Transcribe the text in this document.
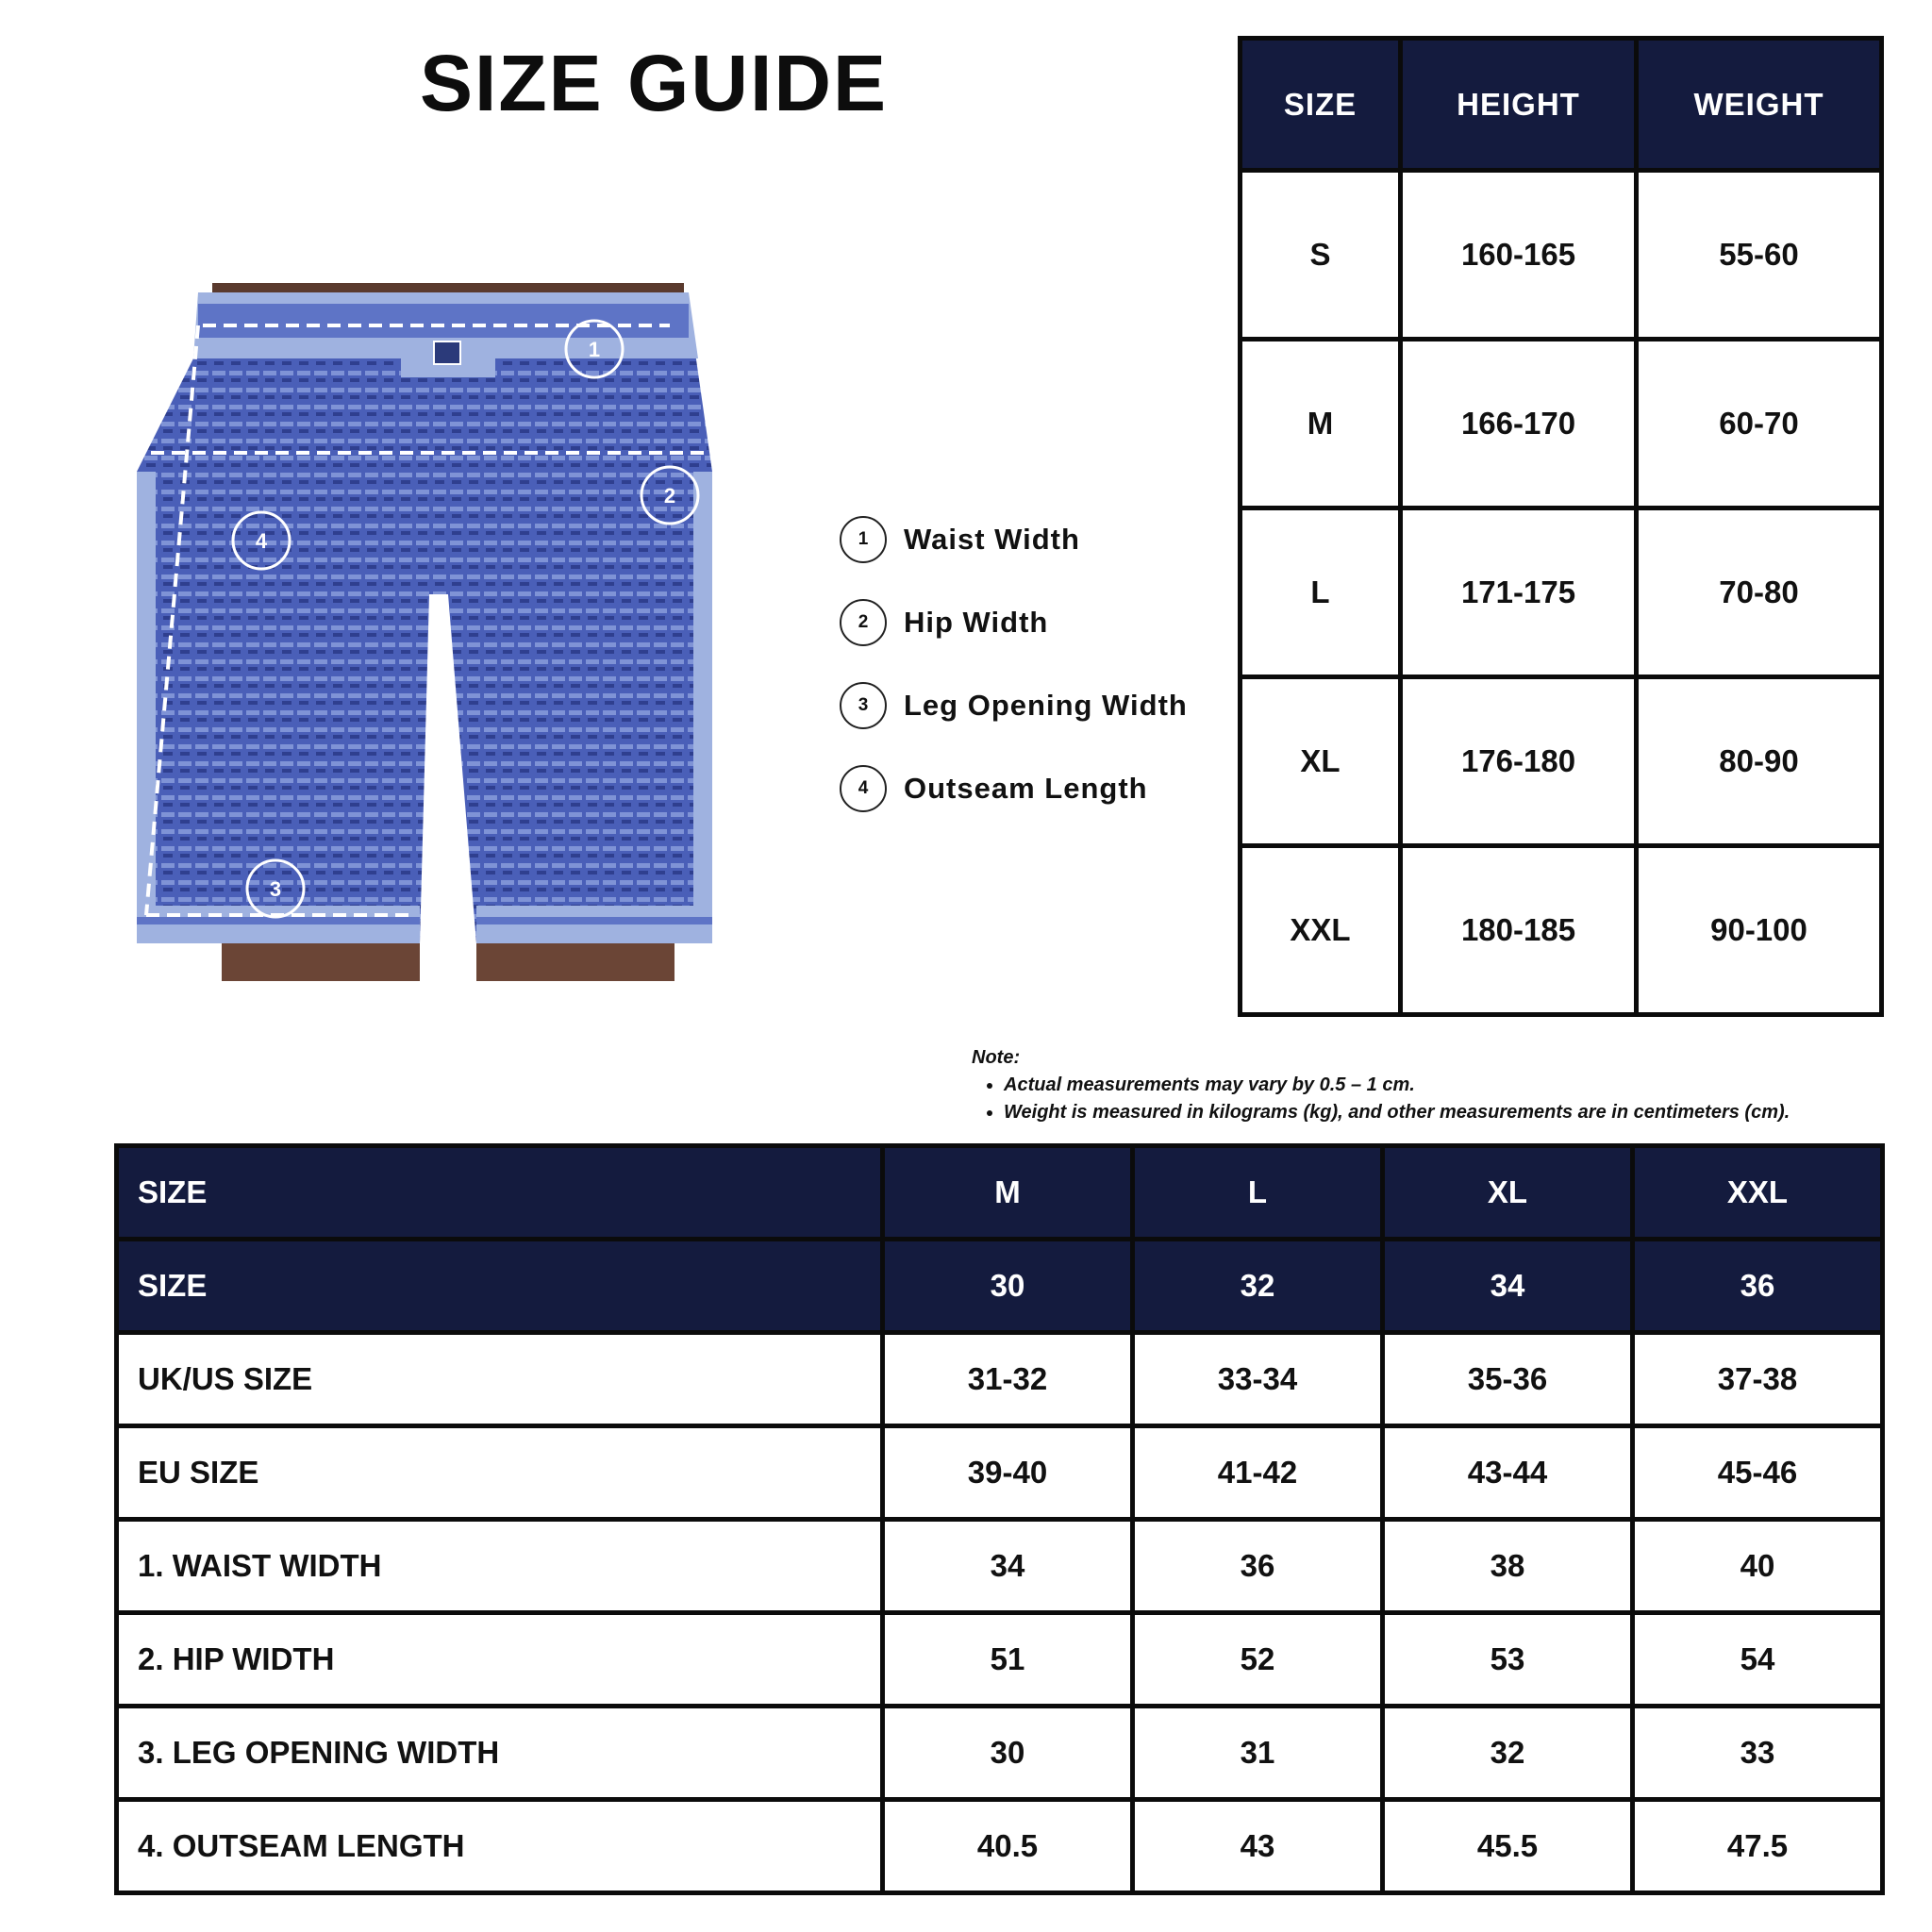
SIZE GUIDE
1
2
3
4	1	Waist Width
2	Hip Width
3	Leg Opening Width
4	Outseam Length
SIZE	HEIGHT	WEIGHT
S	160-165	55-60
M	166-170	60-70
L	171-175	70-80
XL	176-180	80-90
XXL	180-185	90-100
Note:
• Actual measurements may vary by 0.5 – 1 cm.
• Weight is measured in kilograms (kg), and other measurements are in centimeters (cm).
SIZE	M	L	XL	XXL
SIZE	30	32	34	36
UK/US SIZE	31-32	33-34	35-36	37-38
EU SIZE	39-40	41-42	43-44	45-46
1. WAIST WIDTH	34	36	38	40
2. HIP WIDTH	51	52	53	54
3. LEG OPENING WIDTH	30	31	32	33
4. OUTSEAM LENGTH	40.5	43	45.5	47.5
